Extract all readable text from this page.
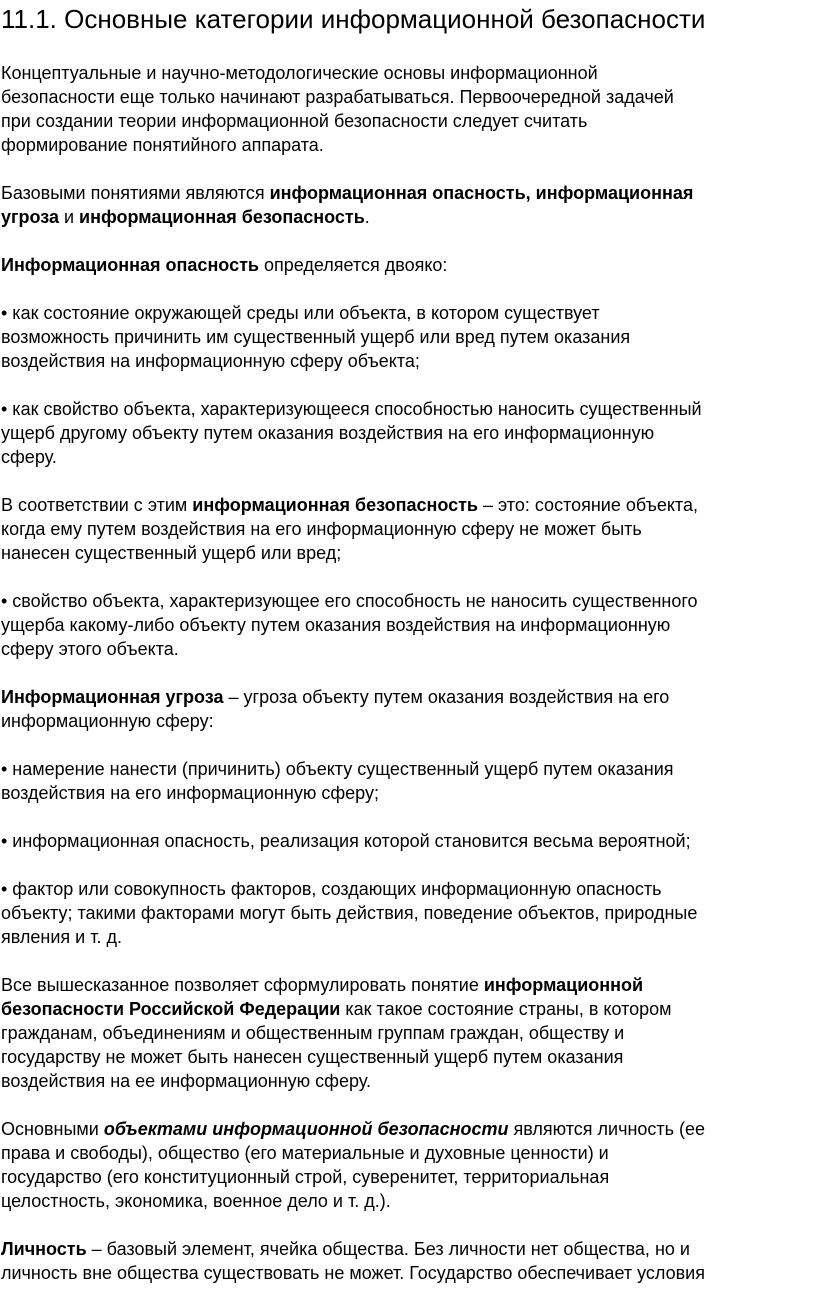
11.1. Основные категории информационной безопасности

Концептуальные и научно-методологические основы информационной
безопасности еще только начинают разрабатываться. Первоочередной задачей
при создании теории информационной безопасности следует считать
формирование понятийного аппарата.

Базовыми понятиями являются информационная опасность, информационная
угроза и информационная безопасность.

Информационная опасность определяется двояко:

• как состояние окружающей среды или объекта, в котором существует
возможность причинить им существенный ущерб или вред путем оказания
воздействия на информационную сферу объекта;

• как свойство объекта, характеризующееся способностью наносить существенный
ущерб другому объекту путем оказания воздействия на его информационную
сферу.

В соответствии с этим информационная безопасность – это: состояние объекта,
когда ему путем воздействия на его информационную сферу не может быть
нанесен существенный ущерб или вред;

• свойство объекта, характеризующее его способность не наносить существенного
ущерба какому-либо объекту путем оказания воздействия на информационную
сферу этого объекта.

Информационная угроза – угроза объекту путем оказания воздействия на его
информационную сферу:

• намерение нанести (причинить) объекту существенный ущерб путем оказания
воздействия на его информационную сферу;

• информационная опасность, реализация которой становится весьма вероятной;

• фактор или совокупность факторов, создающих информационную опасность
объекту; такими факторами могут быть действия, поведение объектов, природные
явления и т. д.

Все вышесказанное позволяет сформулировать понятие информационной
безопасности Российской Федерации как такое состояние страны, в котором
гражданам, объединениям и общественным группам граждан, обществу и
государству не может быть нанесен существенный ущерб путем оказания
воздействия на ее информационную сферу.

Основными объектами информационной безопасности являются личность (ее
права и свободы), общество (его материальные и духовные ценности) и
государство (его конституционный строй, суверенитет, территориальная
целостность, экономика, военное дело и т. д.).

Личность – базовый элемент, ячейка общества. Без личности нет общества, но и
личность вне общества существовать не может. Государство обеспечивает условия
